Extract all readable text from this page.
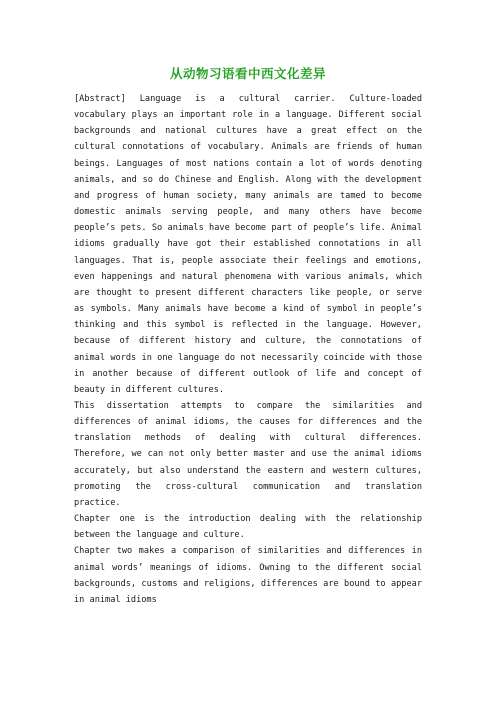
从动物习语看中西文化差异

[Abstract] Language is a cultural carrier. Culture-loaded vocabulary plays an important role in a language. Different social backgrounds and national cultures have a great effect on the cultural connotations of vocabulary. Animals are friends of human beings. Languages of most nations contain a lot of words denoting animals, and so do Chinese and English. Along with the development and progress of human society, many animals are tamed to become domestic animals serving people, and many others have become people’s pets. So animals have become part of people’s life. Animal idioms gradually have got their established connotations in all languages. That is, people associate their feelings and emotions, even happenings and natural phenomena with various animals, which are thought to present different characters like people, or serve as symbols. Many animals have become a kind of symbol in people’s thinking and this symbol is reflected in the language. However, because of different history and culture, the connotations of animal words in one language do not necessarily coincide with those in another because of different outlook of life and concept of beauty in different cultures.

This dissertation attempts to compare the similarities and differences of animal idioms, the causes for differences and the translation methods of dealing with cultural differences. Therefore, we can not only better master and use the animal idioms accurately, but also understand the eastern and western cultures, promoting the cross-cultural communication and translation practice.

Chapter one is the introduction dealing with the relationship between the language and culture.

Chapter two makes a comparison of similarities and differences in animal words’ meanings of idioms. Owning to the different social backgrounds, customs and religions, differences are bound to appear in animal idioms
